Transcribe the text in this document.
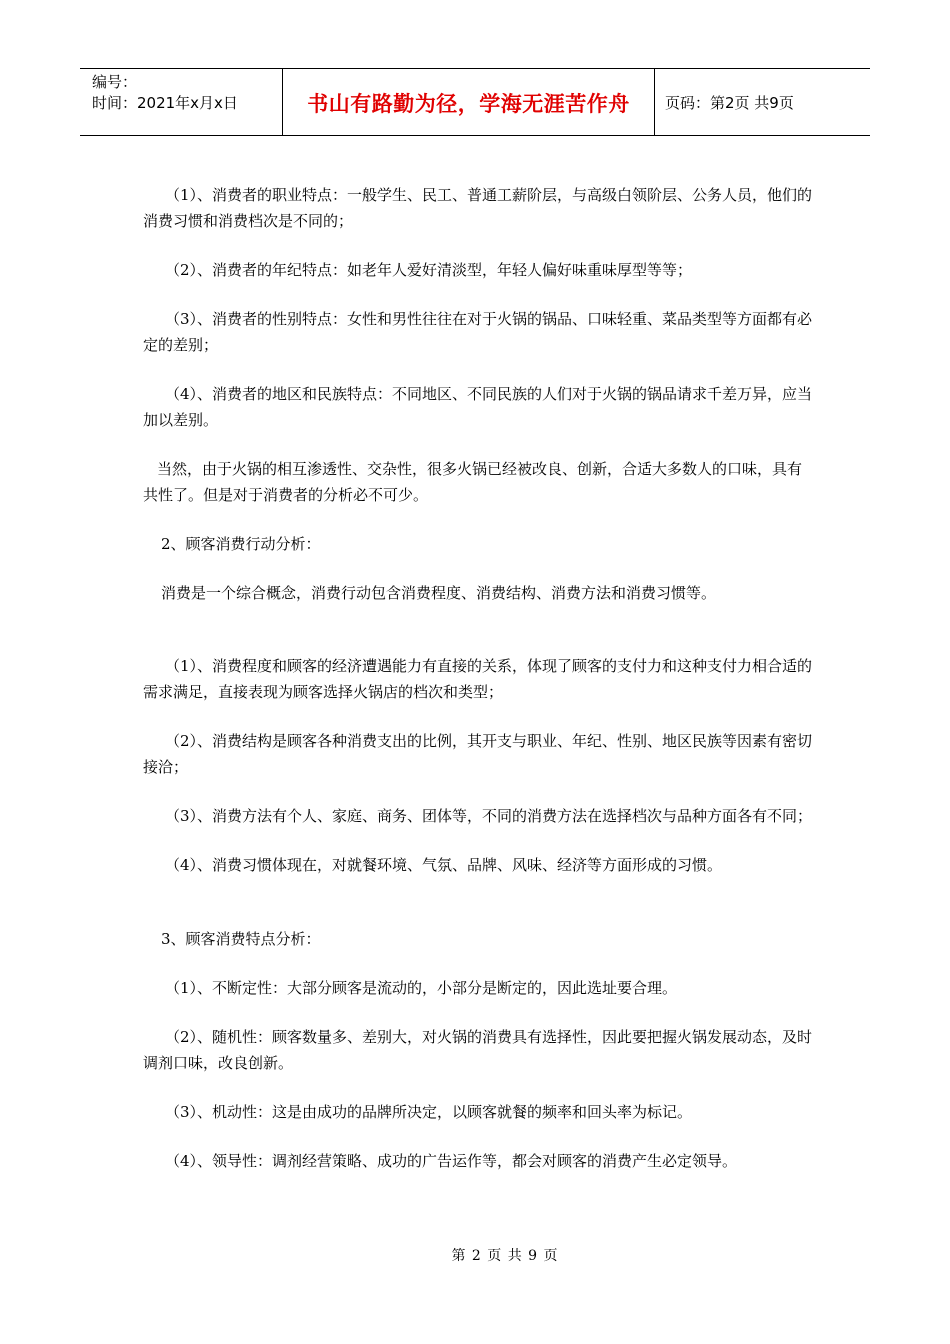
编号：
时间：2021年x月x日	书山有路勤为径，学海无涯苦作舟 页码：第2页 共9页

（1）、消费者的职业特点：一般学生、民工、普通工薪阶层，与高级白领阶层、公务人员，他们的消费习惯和消费档次是不同的；

（2）、消费者的年纪特点：如老年人爱好清淡型，年轻人偏好味重味厚型等等；

（3）、消费者的性别特点：女性和男性往往在对于火锅的锅品、口味轻重、菜品类型等方面都有必定的差别；

（4）、消费者的地区和民族特点：不同地区、不同民族的人们对于火锅的锅品请求千差万异，应当加以差别。

当然，由于火锅的相互渗透性、交杂性，很多火锅已经被改良、创新，合适大多数人的口味，具有共性了。但是对于消费者的分析必不可少。

2、顾客消费行动分析：

消费是一个综合概念，消费行动包含消费程度、消费结构、消费方法和消费习惯等。

（1）、消费程度和顾客的经济遭遇能力有直接的关系，体现了顾客的支付力和这种支付力相合适的需求满足，直接表现为顾客选择火锅店的档次和类型；

（2）、消费结构是顾客各种消费支出的比例，其开支与职业、年纪、性别、地区民族等因素有密切接洽；

（3）、消费方法有个人、家庭、商务、团体等，不同的消费方法在选择档次与品种方面各有不同；

（4）、消费习惯体现在，对就餐环境、气氛、品牌、风味、经济等方面形成的习惯。

3、顾客消费特点分析：

（1）、不断定性：大部分顾客是流动的，小部分是断定的，因此选址要合理。

（2）、随机性：顾客数量多、差别大，对火锅的消费具有选择性，因此要把握火锅发展动态，及时调剂口味，改良创新。

（3）、机动性：这是由成功的品牌所决定，以顾客就餐的频率和回头率为标记。

（4）、领导性：调剂经营策略、成功的广告运作等，都会对顾客的消费产生必定领导。

第 2 页 共 9 页
